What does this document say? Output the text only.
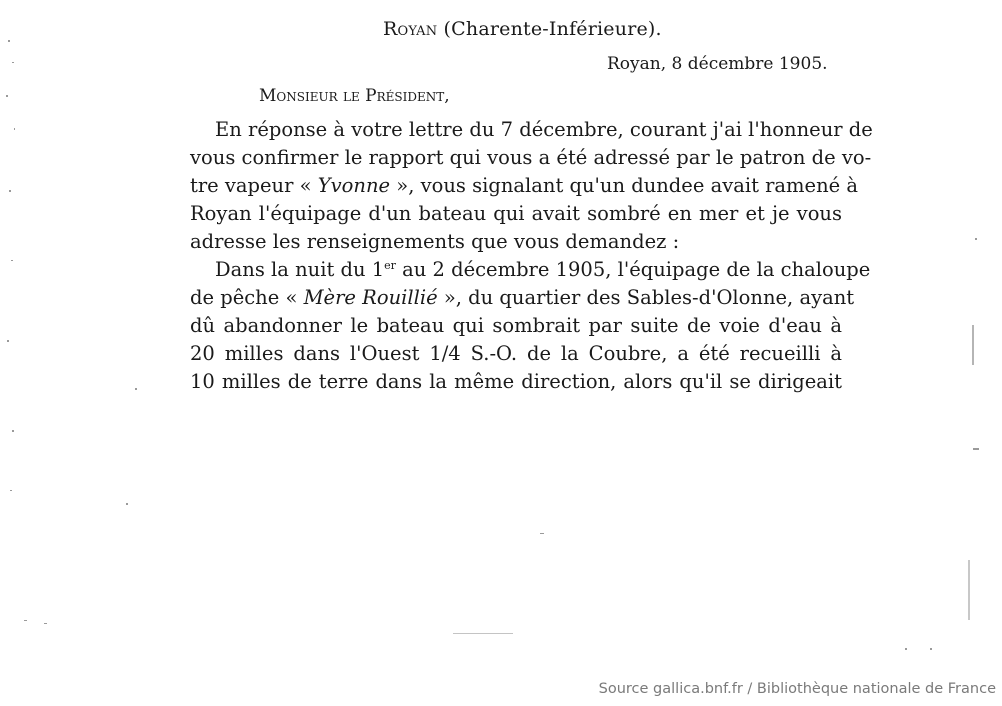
Royan (Charente-Inférieure).
Royan, 8 décembre 1905.
Monsieur le Président,
En réponse à votre lettre du 7 décembre, courant j'ai l'honneur de
vous confirmer le rapport qui vous a été adressé par le patron de vo-
tre vapeur « Yvonne », vous signalant qu'un dundee avait ramené à
Royan l'équipage d'un bateau qui avait sombré en mer et je vous
adresse les renseignements que vous demandez :
Dans la nuit du 1er au 2 décembre 1905, l'équipage de la chaloupe
de pêche « Mère Rouillié », du quartier des Sables-d'Olonne, ayant
dû abandonner le bateau qui sombrait par suite de voie d'eau à
20 milles dans l'Ouest 1/4 S.-O. de la Coubre, a été recueilli à
10 milles de terre dans la même direction, alors qu'il se dirigeait
Source gallica.bnf.fr / Bibliothèque nationale de France
